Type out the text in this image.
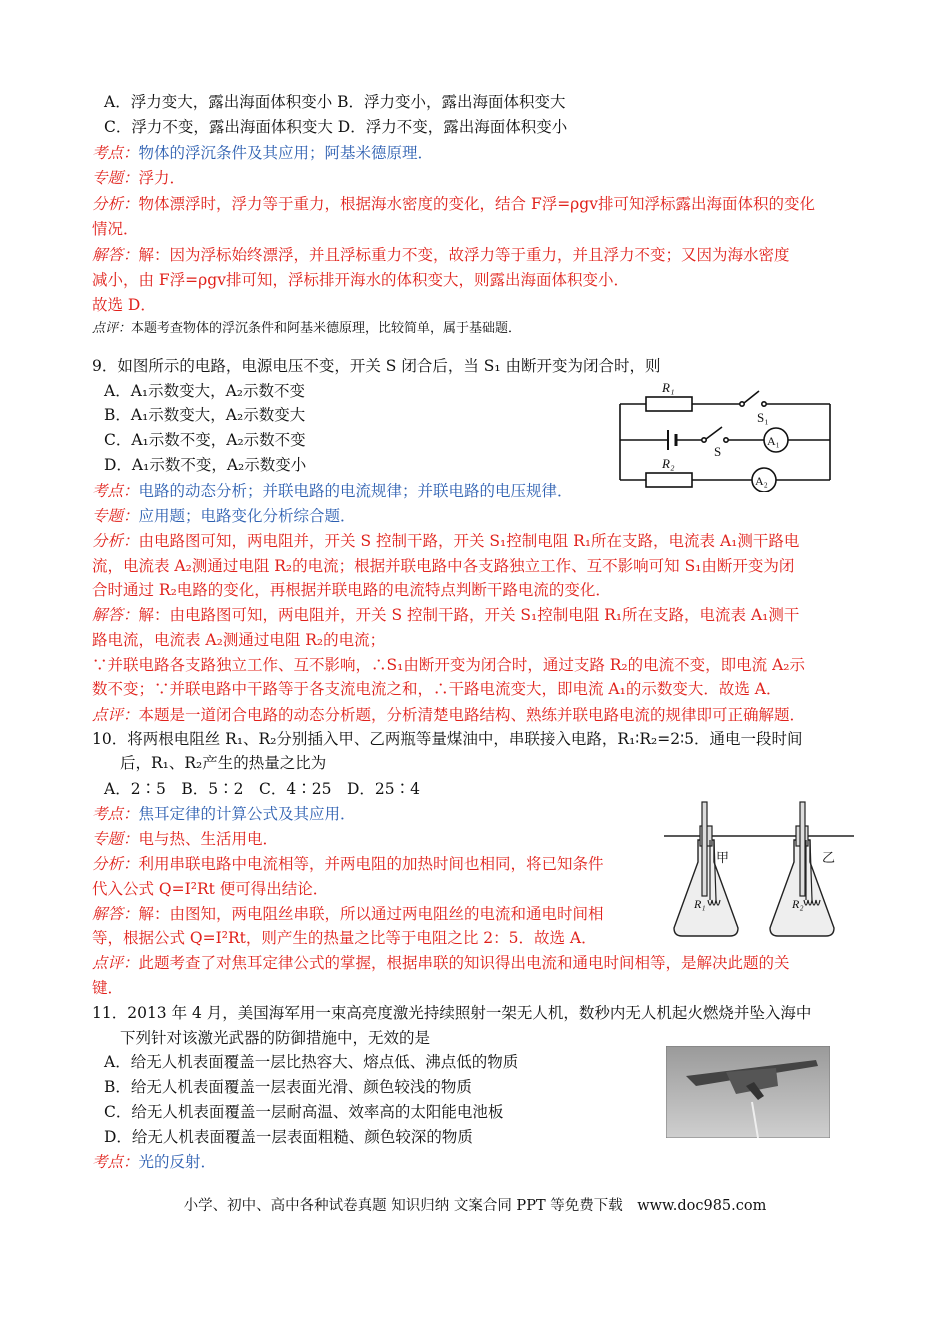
A．浮力变大，露出海面体积变小 B．浮力变小，露出海面体积变大
C．浮力不变，露出海面体积变大 D．浮力不变，露出海面体积变小
考点：物体的浮沉条件及其应用；阿基米德原理．
专题：浮力．
分析：物体漂浮时，浮力等于重力，根据海水密度的变化，结合 F浮=ρgv排可知浮标露出海面体积的变化
情况．
解答：解：因为浮标始终漂浮，并且浮标重力不变，故浮力等于重力，并且浮力不变；又因为海水密度
减小，由 F浮=ρgv排可知，浮标排开海水的体积变大，则露出海面体积变小．
故选 D．
点评：本题考查物体的浮沉条件和阿基米德原理，比较简单，属于基础题．
9．如图所示的电路，电源电压不变，开关 S 闭合后，当 S₁ 由断开变为闭合时，则
A．A₁示数变大，A₂示数不变
B．A₁示数变大，A₂示数变大
C．A₁示数不变，A₂示数不变
D．A₁示数不变，A₂示数变小
考点：电路的动态分析；并联电路的电流规律；并联电路的电压规律．
专题：应用题；电路变化分析综合题．
分析：由电路图可知，两电阻并，开关 S 控制干路，开关 S₁控制电阻 R₁所在支路，电流表 A₁测干路电
流，电流表 A₂测通过电阻 R₂的电流；根据并联电路中各支路独立工作、互不影响可知 S₁由断开变为闭
合时通过 R₂电路的变化，再根据并联电路的电流特点判断干路电流的变化．
解答：解：由电路图可知，两电阻并，开关 S 控制干路，开关 S₁控制电阻 R₁所在支路，电流表 A₁测干
路电流，电流表 A₂测通过电阻 R₂的电流；
∵并联电路各支路独立工作、互不影响，∴S₁由断开变为闭合时，通过支路 R₂的电流不变，即电流 A₂示
数不变；∵并联电路中干路等于各支流电流之和，∴干路电流变大，即电流 A₁的示数变大．故选 A．
点评：本题是一道闭合电路的动态分析题，分析清楚电路结构、熟练并联电路电流的规律即可正确解题．
R₁
S₁
S
A₁
R₂
A₂
10．将两根电阻丝 R₁、R₂分别插入甲、乙两瓶等量煤油中，串联接入电路，R₁∶R₂=2∶5．通电一段时间
后，R₁、R₂产生的热量之比为
A．2∶5　B．5∶2　C．4∶25　D．25∶4
考点：焦耳定律的计算公式及其应用．
专题：电与热、生活用电．
分析：利用串联电路中电流相等，并两电阻的加热时间也相同，将已知条件
代入公式 Q=I²Rt 便可得出结论．
解答：解：由图知，两电阻丝串联，所以通过两电阻丝的电流和通电时间相
等，根据公式 Q=I²Rt，则产生的热量之比等于电阻之比 2：5．故选 A．
点评：此题考查了对焦耳定律公式的掌握，根据串联的知识得出电流和通电时间相等，是解决此题的关
键．
甲	乙
R₁	R₂
11．2013 年 4 月，美国海军用一束高亮度激光持续照射一架无人机，数秒内无人机起火燃烧并坠入海中
下列针对该激光武器的防御措施中，无效的是
A．给无人机表面覆盖一层比热容大、熔点低、沸点低的物质
B．给无人机表面覆盖一层表面光滑、颜色较浅的物质
C．给无人机表面覆盖一层耐高温、效率高的太阳能电池板
D．给无人机表面覆盖一层表面粗糙、颜色较深的物质
考点：光的反射．
小学、初中、高中各种试卷真题 知识归纳 文案合同 PPT 等免费下载　www.doc985.com
